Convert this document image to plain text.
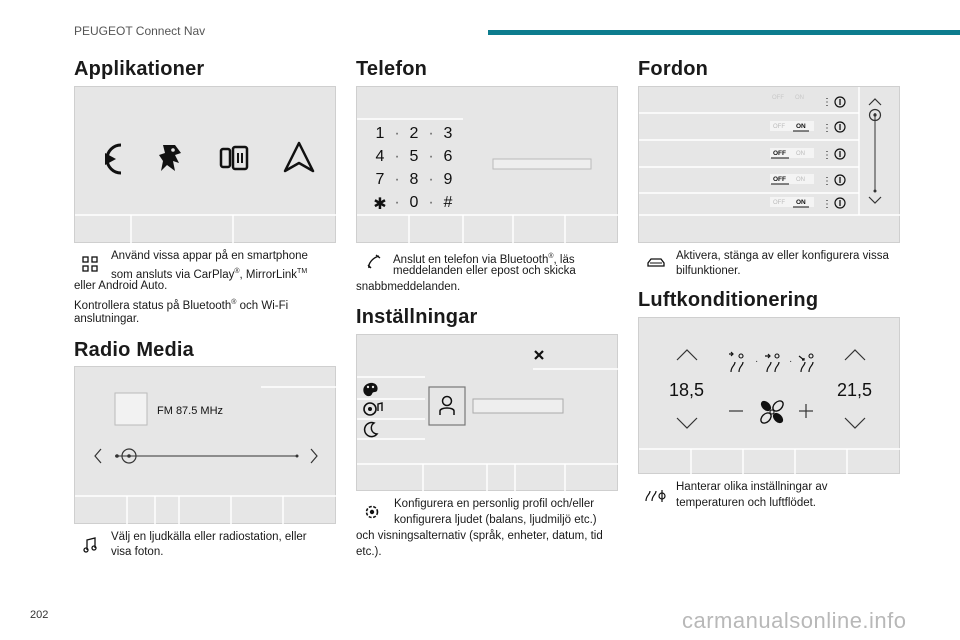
PEUGEOT Connect Nav
Applikationer
Använd vissa appar på en smartphone
som ansluts via CarPlay®, MirrorLink™
eller Android Auto.
Kontrollera status på Bluetooth® och Wi-Fi
anslutningar.
Radio Media
FM 87.5 MHz
Välj en ljudkälla eller radiostation, eller
visa foton.
Telefon
1 · 2 · 3
4 · 5 · 6
7 · 8 · 9
✱ · 0 · #
Anslut en telefon via Bluetooth®, läs
meddelanden eller epost och skicka
snabbmeddelanden.
Inställningar
Konfigurera en personlig profil och/eller
konfigurera ljudet (balans, ljudmiljö etc.)
och visningsalternativ (språk, enheter, datum, tid
etc.).
Fordon
OFF ON ⋮
OFF ON ⋮
OFF ON ⋮
OFF ON ⋮
OFF ON ⋮
Aktivera, stänga av eller konfigurera vissa
bilfunktioner.
Luftkonditionering
·	·
18,5	21,5
Hanterar olika inställningar av
temperaturen och luftflödet.
202	carmanualsonline.info
